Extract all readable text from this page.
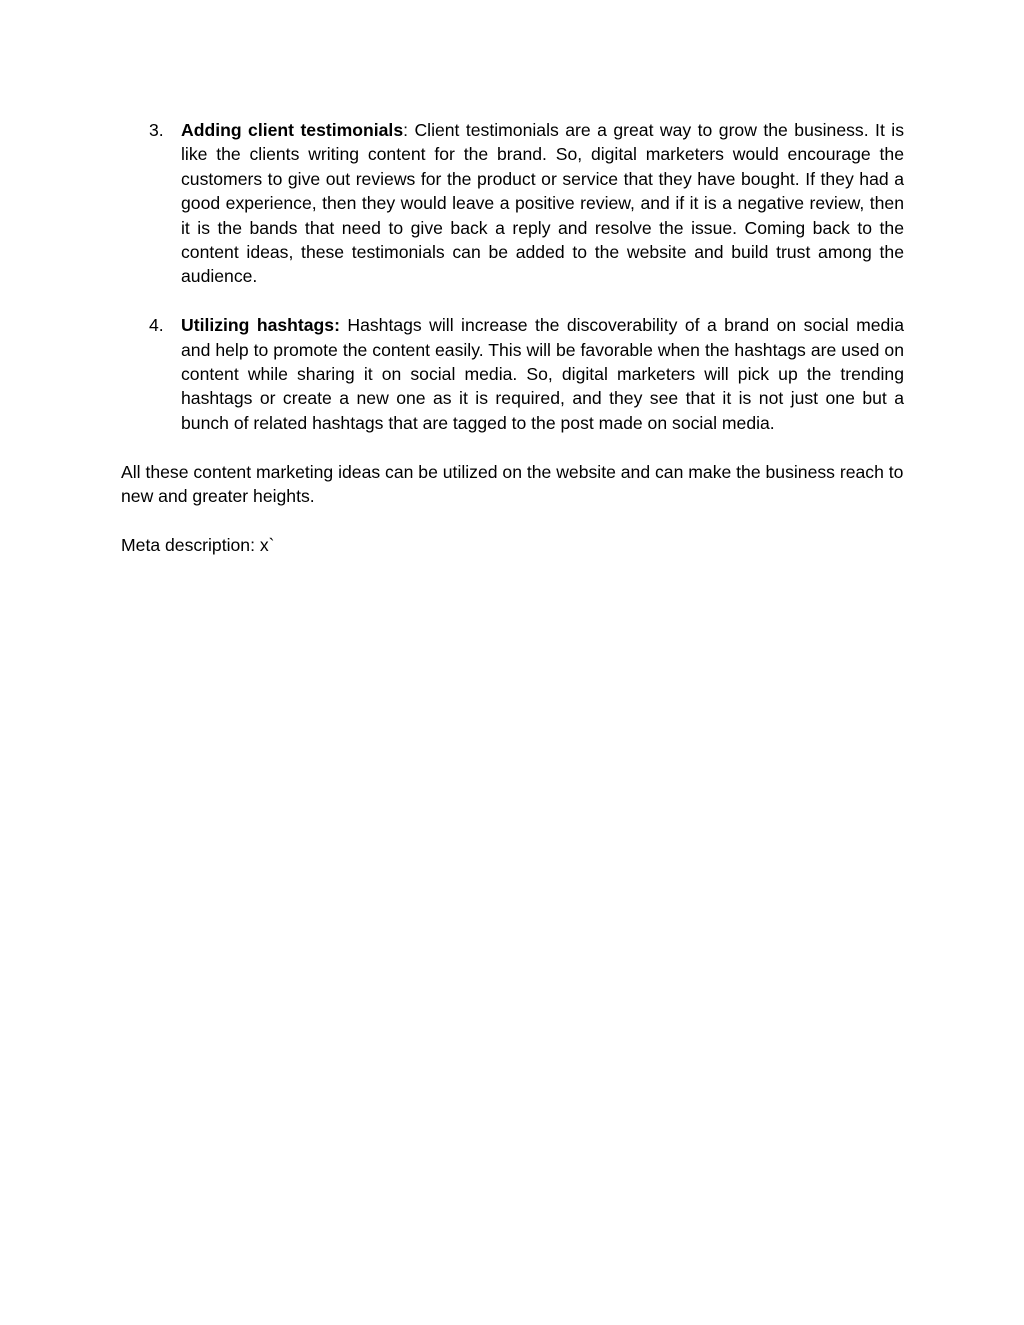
3. Adding client testimonials: Client testimonials are a great way to grow the business. It is like the clients writing content for the brand. So, digital marketers would encourage the customers to give out reviews for the product or service that they have bought. If they had a good experience, then they would leave a positive review, and if it is a negative review, then it is the bands that need to give back a reply and resolve the issue. Coming back to the content ideas, these testimonials can be added to the website and build trust among the audience.
4. Utilizing hashtags: Hashtags will increase the discoverability of a brand on social media and help to promote the content easily. This will be favorable when the hashtags are used on content while sharing it on social media. So, digital marketers will pick up the trending hashtags or create a new one as it is required, and they see that it is not just one but a bunch of related hashtags that are tagged to the post made on social media.

All these content marketing ideas can be utilized on the website and can make the business reach to new and greater heights.

Meta description: x`
